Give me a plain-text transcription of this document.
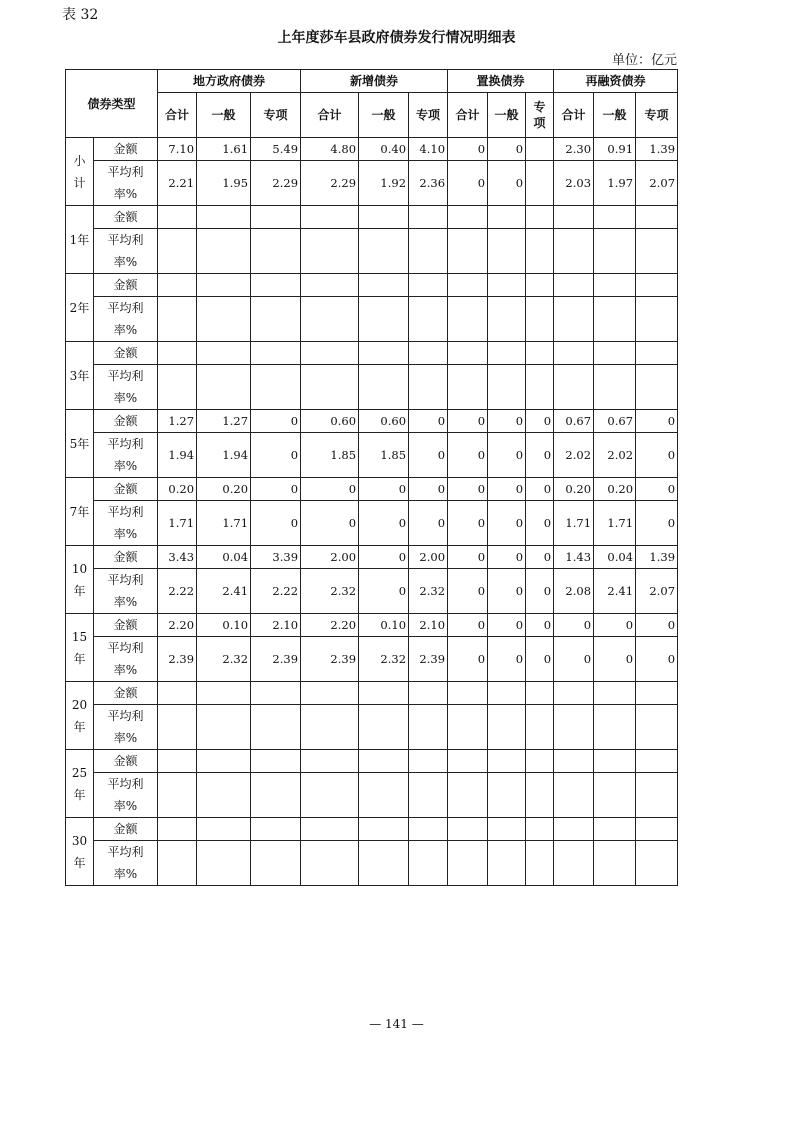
表 32
上年度莎车县政府债券发行情况明细表
单位：亿元
债券类型		地方政府债券			新增债券			置换债券			再融资债券		
		合计	一般	专项	合计	一般	专项	合计	一般	专项	合计	一般	专项
小计	金额	7.10	1.61	5.49	4.80	0.40	4.10	0	0		2.30	0.91	1.39
	平均利率%	2.21	1.95	2.29	2.29	1.92	2.36	0	0		2.03	1.97	2.07
1年	金额												
	平均利率%												
2年	金额												
	平均利率%												
3年	金额												
	平均利率%												
5年	金额	1.27	1.27	0	0.60	0.60	0	0	0	0	0.67	0.67	0
	平均利率%	1.94	1.94	0	1.85	1.85	0	0	0	0	2.02	2.02	0
7年	金额	0.20	0.20	0	0	0	0	0	0	0	0.20	0.20	0
	平均利率%	1.71	1.71	0	0	0	0	0	0	0	1.71	1.71	0
10年	金额	3.43	0.04	3.39	2.00	0	2.00	0	0	0	1.43	0.04	1.39
	平均利率%	2.22	2.41	2.22	2.32	0	2.32	0	0	0	2.08	2.41	2.07
15年	金额	2.20	0.10	2.10	2.20	0.10	2.10	0	0	0	0	0	0
	平均利率%	2.39	2.32	2.39	2.39	2.32	2.39	0	0	0	0	0	0
20年	金额												
	平均利率%												
25年	金额												
	平均利率%												
30年	金额												
	平均利率%												
— 141 —
